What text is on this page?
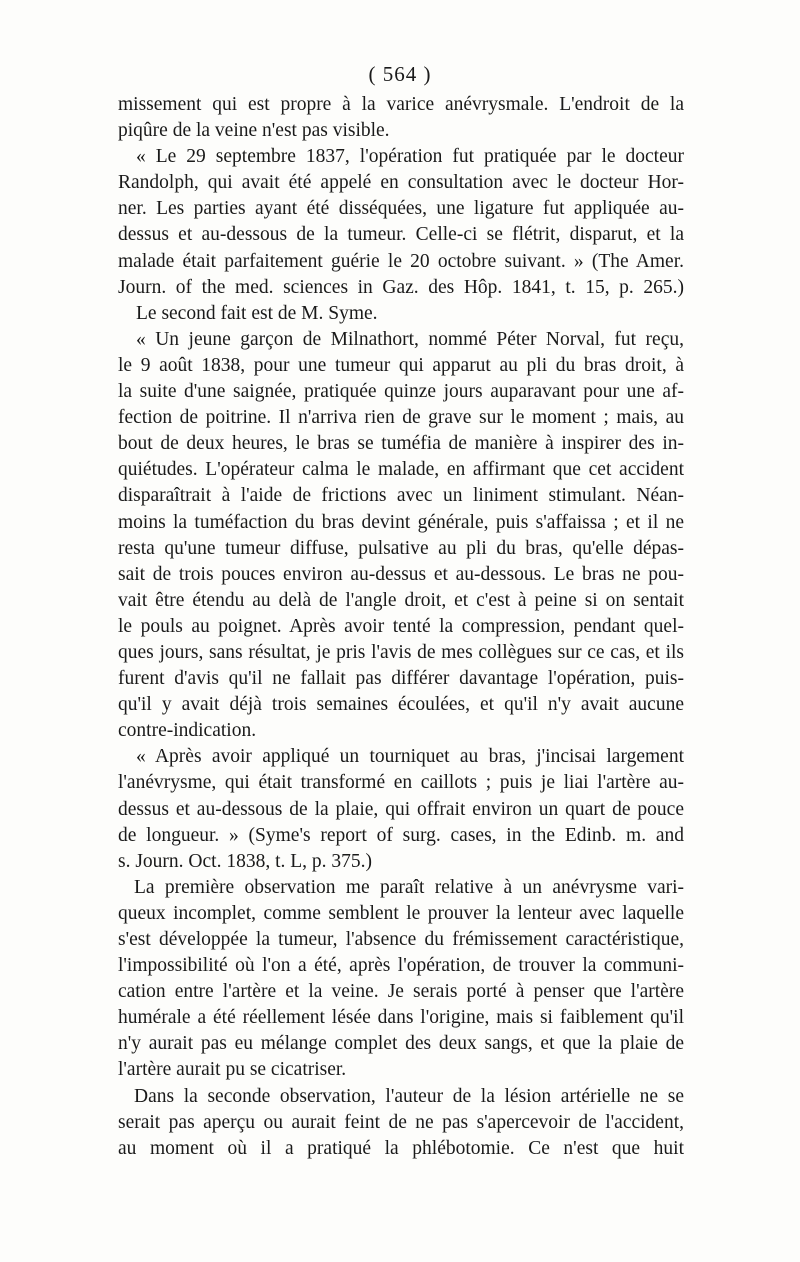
( 564 )
missement qui est propre à la varice anévrysmale. L'endroit de la
piqûre de la veine n'est pas visible.
« Le 29 septembre 1837, l'opération fut pratiquée par le docteur
Randolph, qui avait été appelé en consultation avec le docteur Hor-
ner. Les parties ayant été disséquées, une ligature fut appliquée au-
dessus et au-dessous de la tumeur. Celle-ci se flétrit, disparut, et la
malade était parfaitement guérie le 20 octobre suivant. » (The Amer.
Journ. of the med. sciences in Gaz. des Hôp. 1841, t. 15, p. 265.)
Le second fait est de M. Syme.
« Un jeune garçon de Milnathort, nommé Péter Norval, fut reçu,
le 9 août 1838, pour une tumeur qui apparut au pli du bras droit, à
la suite d'une saignée, pratiquée quinze jours auparavant pour une af-
fection de poitrine. Il n'arriva rien de grave sur le moment ; mais, au
bout de deux heures, le bras se tuméfia de manière à inspirer des in-
quiétudes. L'opérateur calma le malade, en affirmant que cet accident
disparaîtrait à l'aide de frictions avec un liniment stimulant. Néan-
moins la tuméfaction du bras devint générale, puis s'affaissa ; et il ne
resta qu'une tumeur diffuse, pulsative au pli du bras, qu'elle dépas-
sait de trois pouces environ au-dessus et au-dessous. Le bras ne pou-
vait être étendu au delà de l'angle droit, et c'est à peine si on sentait
le pouls au poignet. Après avoir tenté la compression, pendant quel-
ques jours, sans résultat, je pris l'avis de mes collègues sur ce cas, et ils
furent d'avis qu'il ne fallait pas différer davantage l'opération, puis-
qu'il y avait déjà trois semaines écoulées, et qu'il n'y avait aucune
contre-indication.
« Après avoir appliqué un tourniquet au bras, j'incisai largement
l'anévrysme, qui était transformé en caillots ; puis je liai l'artère au-
dessus et au-dessous de la plaie, qui offrait environ un quart de pouce
de longueur. » (Syme's report of surg. cases, in the Edinb. m. and
s. Journ. Oct. 1838, t. L, p. 375.)
La première observation me paraît relative à un anévrysme vari-
queux incomplet, comme semblent le prouver la lenteur avec laquelle
s'est développée la tumeur, l'absence du frémissement caractéristique,
l'impossibilité où l'on a été, après l'opération, de trouver la communi-
cation entre l'artère et la veine. Je serais porté à penser que l'artère
humérale a été réellement lésée dans l'origine, mais si faiblement qu'il
n'y aurait pas eu mélange complet des deux sangs, et que la plaie de
l'artère aurait pu se cicatriser.
Dans la seconde observation, l'auteur de la lésion artérielle ne se
serait pas aperçu ou aurait feint de ne pas s'apercevoir de l'accident,
au moment où il a pratiqué la phlébotomie. Ce n'est que huit
